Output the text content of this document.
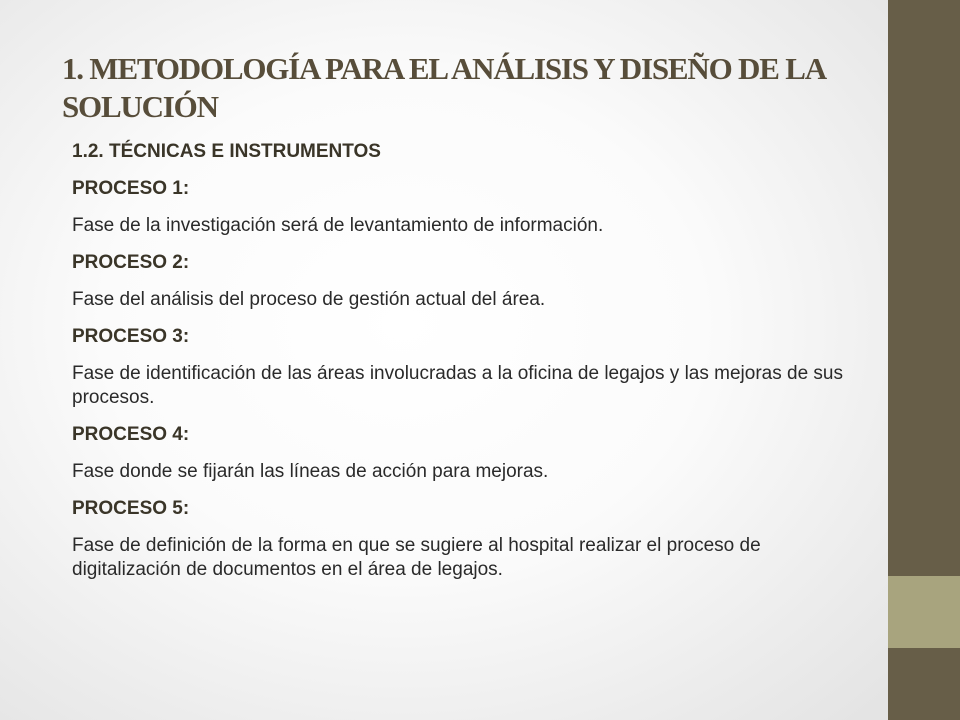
1. METODOLOGÍA PARA EL ANÁLISIS Y DISEÑO DE LA SOLUCIÓN

1.2. TÉCNICAS E INSTRUMENTOS

PROCESO 1:

Fase de la investigación será de levantamiento de información.

PROCESO 2:

Fase del análisis del proceso de gestión actual del área.

PROCESO 3:

Fase de identificación de las áreas involucradas a la oficina de legajos y las mejoras de sus procesos.

PROCESO 4:

Fase donde se fijarán las líneas de acción para mejoras.

PROCESO 5:

Fase de definición de la forma en que se sugiere al hospital realizar el proceso de digitalización de documentos en el área de legajos.
